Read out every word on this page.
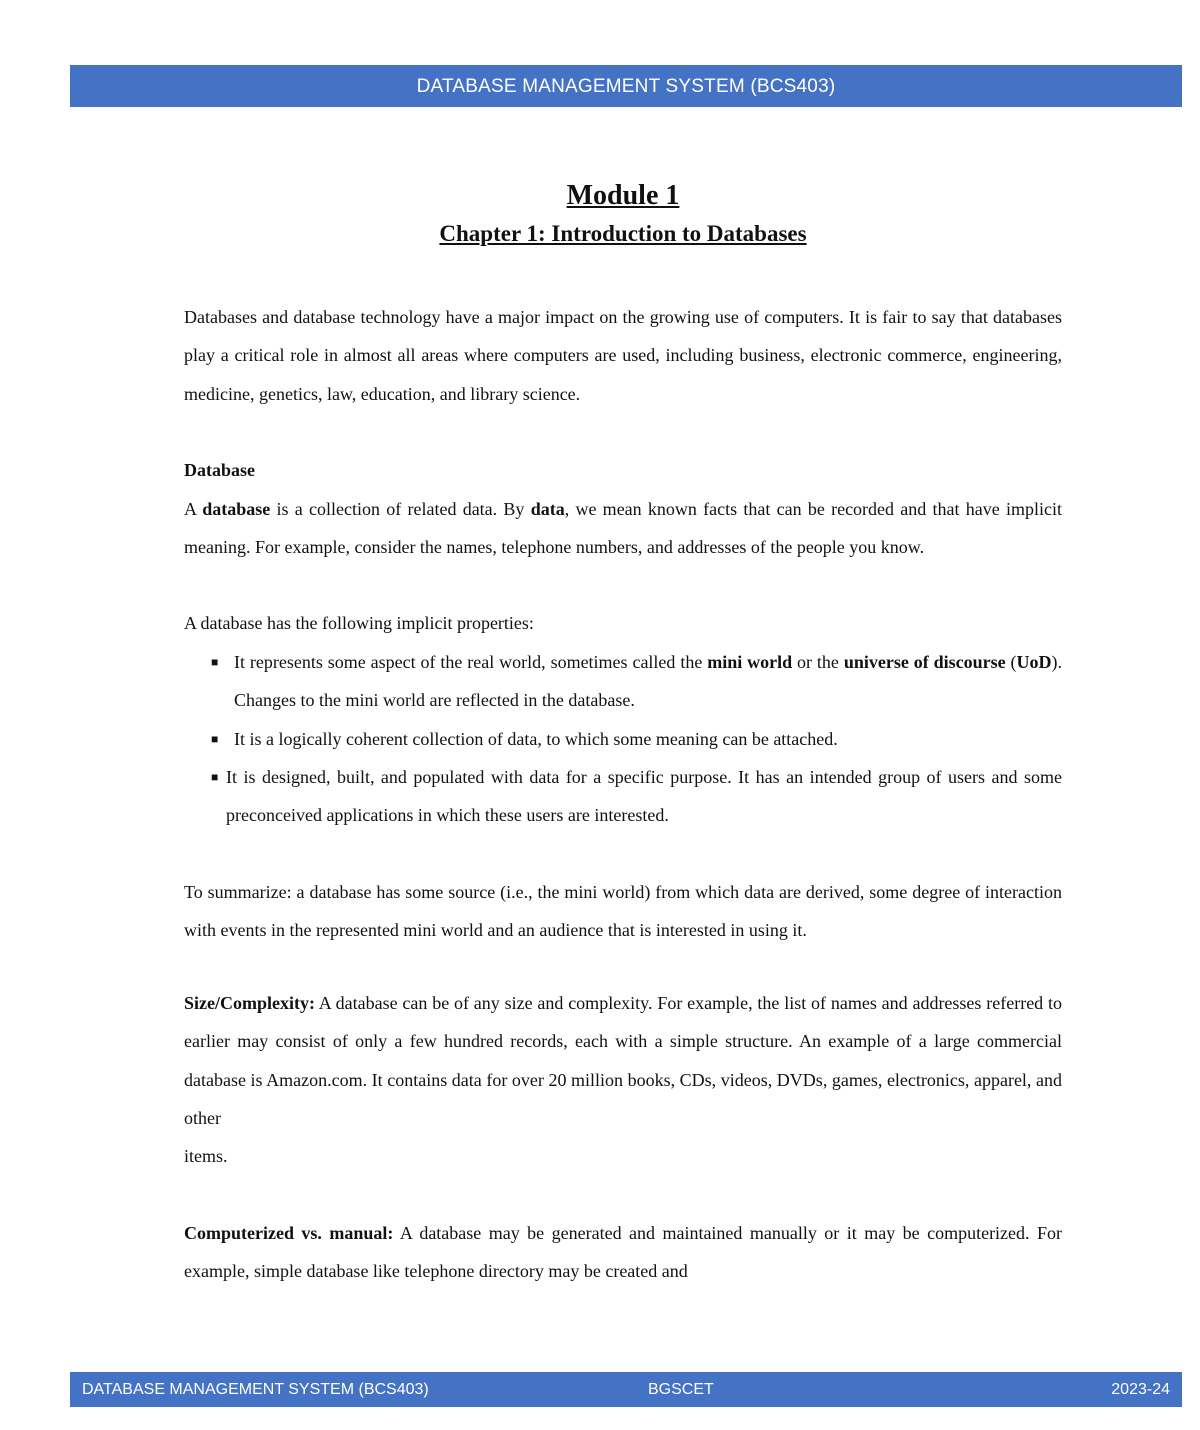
DATABASE MANAGEMENT SYSTEM (BCS403)
Module 1
Chapter 1: Introduction to Databases

Databases and database technology have a major impact on the growing use of computers. It is fair to say that databases play a critical role in almost all areas where computers are used, including business, electronic commerce, engineering, medicine, genetics, law, education, and library science.

Database

A database is a collection of related data. By data, we mean known facts that can be recorded and that have implicit meaning. For example, consider the names, telephone numbers, and addresses of the people you know.

A database has the following implicit properties:

■ It represents some aspect of the real world, sometimes called the mini world or the universe of discourse (UoD). Changes to the mini world are reflected in the database.
■ It is a logically coherent collection of data, to which some meaning can be attached.
■ It is designed, built, and populated with data for a specific purpose. It has an intended group of users and some preconceived applications in which these users are interested.

To summarize: a database has some source (i.e., the mini world) from which data are derived, some degree of interaction with events in the represented mini world and an audience that is interested in using it.

Size/Complexity: A database can be of any size and complexity. For example, the list of names and addresses referred to earlier may consist of only a few hundred records, each with a simple structure. An example of a large commercial database is Amazon.com. It contains data for over 20 million books, CDs, videos, DVDs, games, electronics, apparel, and other

items.

Computerized vs. manual: A database may be generated and maintained manually or it may be computerized. For example, simple database like telephone directory may be created and

DATABASE MANAGEMENT SYSTEM (BCS403)	BGSCET	2023-24
